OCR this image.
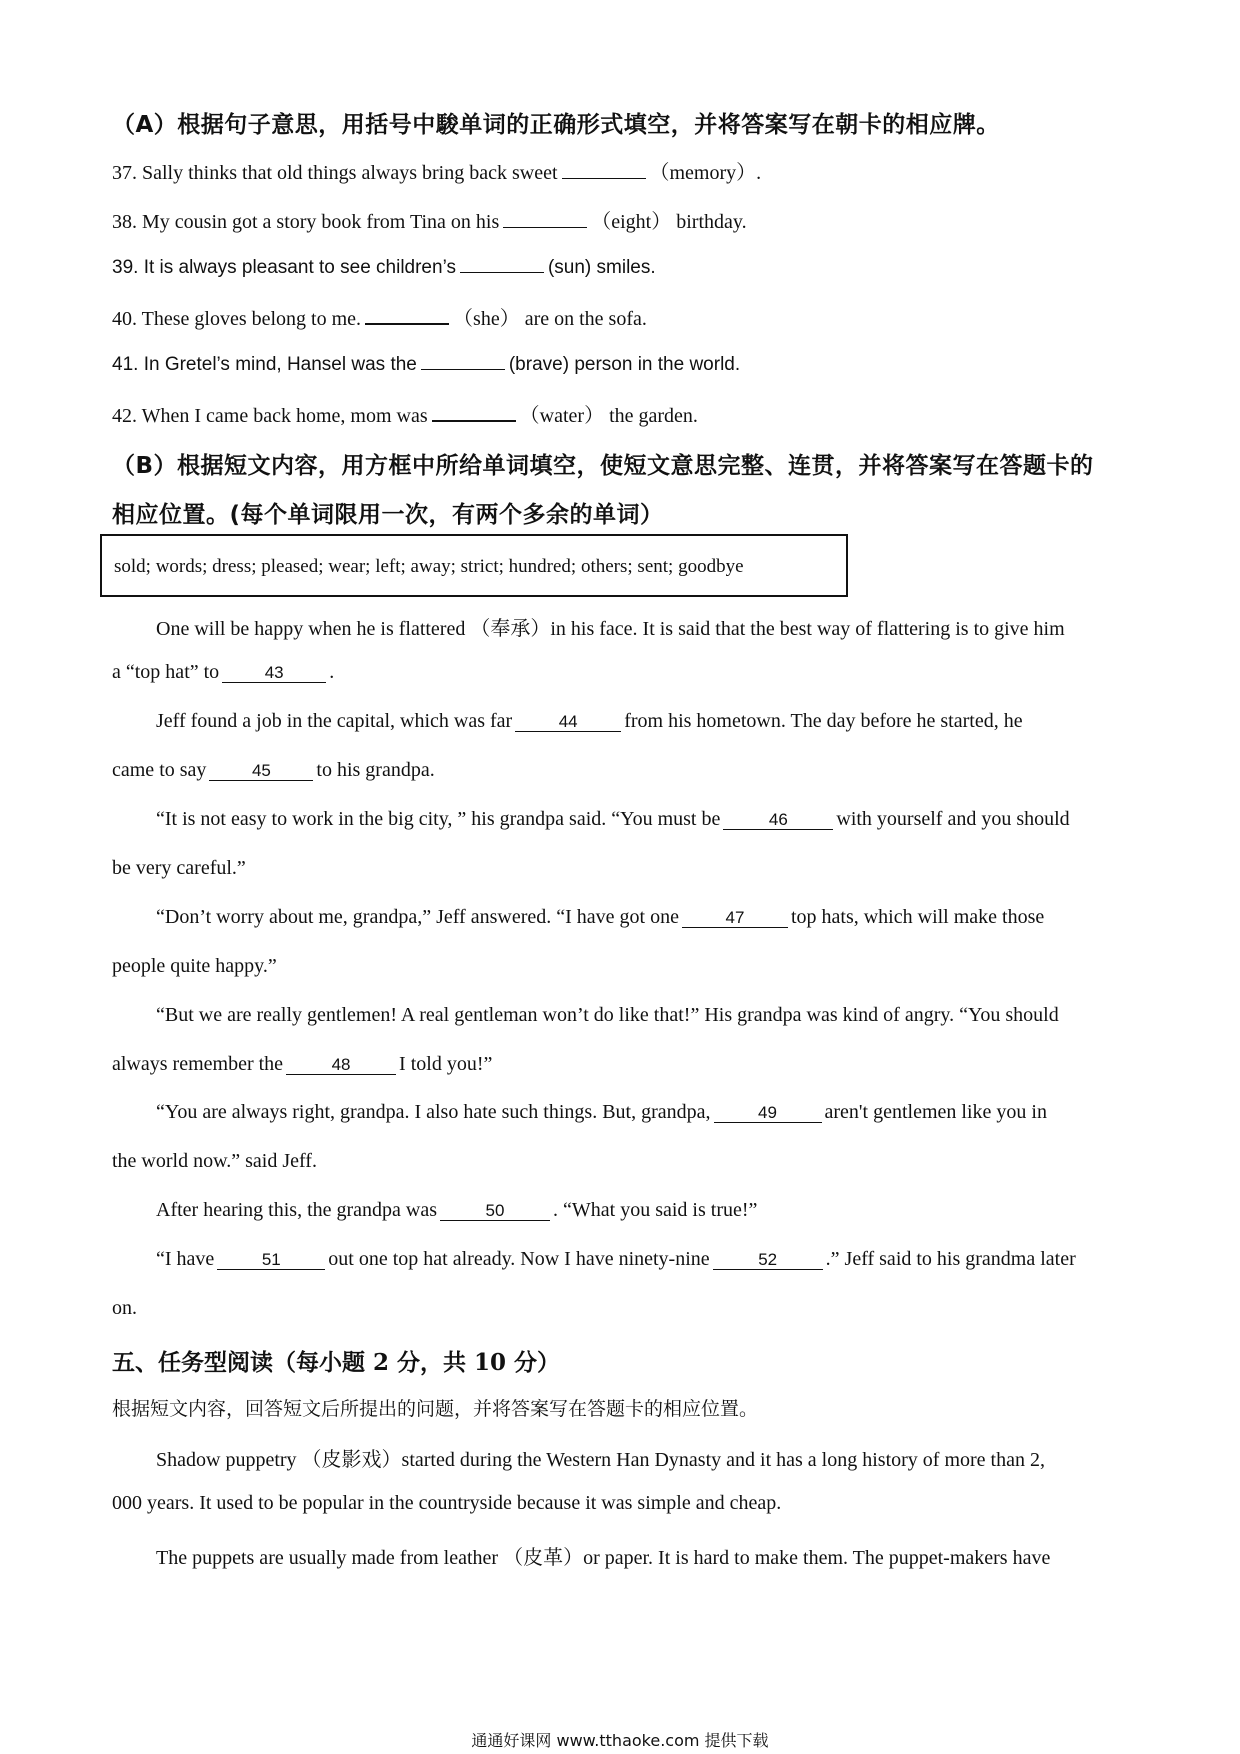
（A）根据句子意思，用括号中駿单词的正确形式填空，并将答案写在朝卡的相应牌。
37. Sally thinks that old things always bring back sweet	（memory）.
38. My cousin got a story book from Tina on his	（eight） birthday.
39. It is always pleasant to see children’s	(sun) smiles.
40. These gloves belong to me.	（she） are on the sofa.
41. In Gretel’s mind, Hansel was the	(brave) person in the world.
42. When I came back home, mom was	（water） the garden.
（B）根据短文内容，用方框中所给单词填空，使短文意思完整、连贯，并将答案写在答题卡的
相应位置。(每个单词限用一次，有两个多余的单词）
sold; words; dress; pleased; wear; left; away; strict; hundred; others; sent; goodbye
One will be happy when he is flattered （奉承）in his face. It is said that the best way of flattering is to give him
a “top hat” to	43 .
Jeff found a job in the capital, which was far	44 from his hometown. The day before he started, he
came to say	45 to his grandpa.
“It is not easy to work in the big city, ” his grandpa said. “You must be	46 with yourself and you should
be very careful.”
“Don’t worry about me, grandpa,” Jeff answered. “I have got one	47 top hats, which will make those
people quite happy.”
“But we are really gentlemen! A real gentleman won’t do like that!” His grandpa was kind of angry. “You should
always remember the	48 I told you!”
“You are always right, grandpa. I also hate such things. But, grandpa,	49 aren't gentlemen like you in
the world now.” said Jeff.
After hearing this, the grandpa was	50 . “What you said is true!”
“I have	51 out one top hat already. Now I have ninety-nine	52 .” Jeff said to his grandma later
on.
五、任务型阅读（每小题 2 分，共 10 分）
根据短文内容，回答短文后所提出的问题，并将答案写在答题卡的相应位置。
Shadow puppetry （皮影戏）started during the Western Han Dynasty and it has a long history of more than 2,
000 years. It used to be popular in the countryside because it was simple and cheap.
The puppets are usually made from leather （皮革）or paper. It is hard to make them. The puppet-makers have
通通好课网 www.tthaoke.com 提供下载
